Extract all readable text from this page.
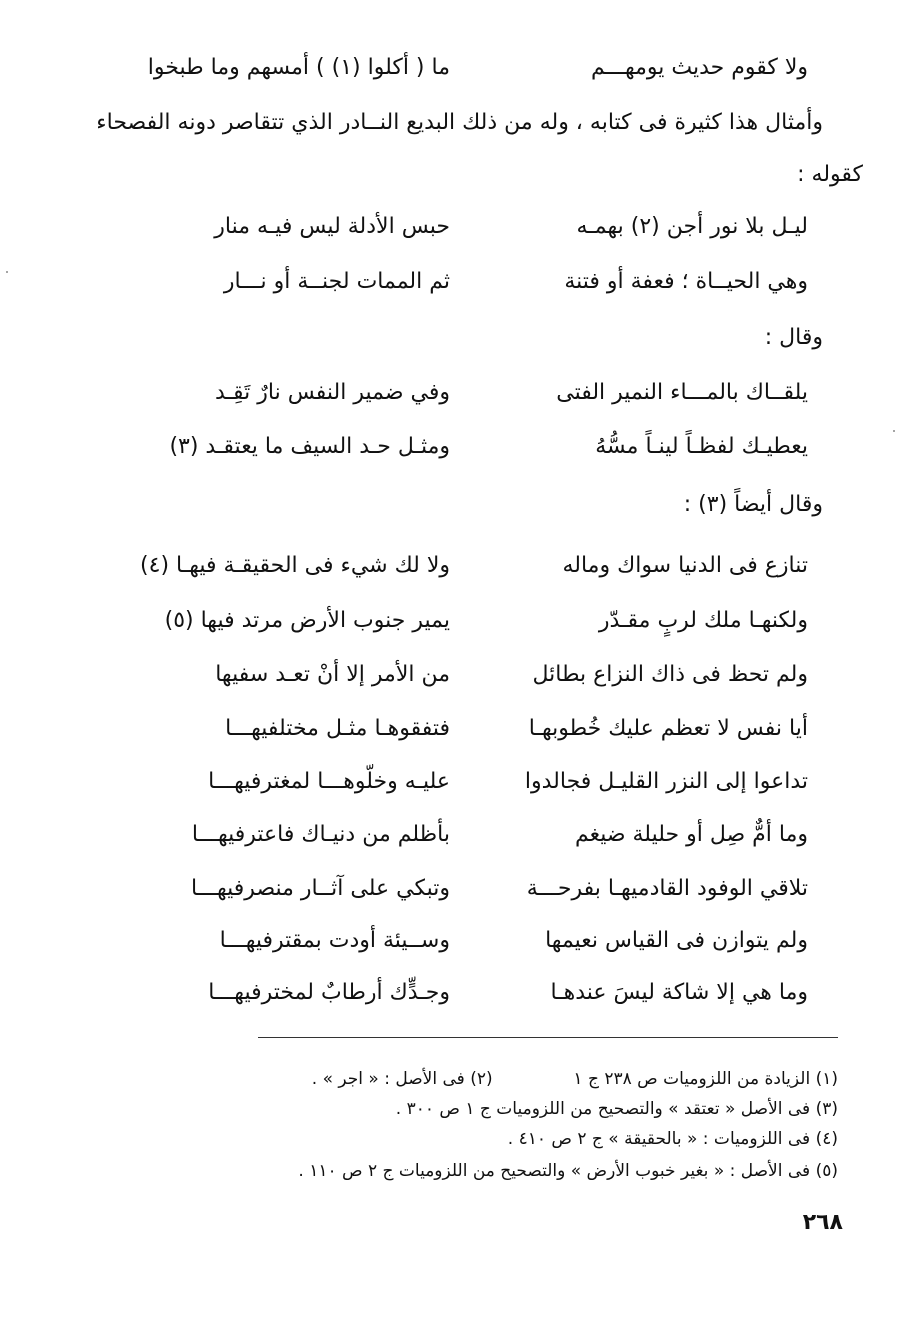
ولا كقوم حديث يومهـــم
ما ( أكلوا (١) ) أمسهم وما طبخوا
وأمثال هذا كثيرة فى كتابه ، وله من ذلك البديع النــادر الذي تتقاصر دونه الفصحاء
كقوله :
ليـل بلا نور أجن (٢) بهمـه
حبس الأدلة ليس فيـه منار
وهي الحيــاة ؛ فعفة أو فتنة
ثم الممات لجنــة أو نـــار
وقال :
يلقــاك بالمـــاء النمير الفتى
وفي ضمير النفس نارٌ تَقِـد
يعطيـك لفظـاً لينـاً مسُّهُ
ومثـل حـد السيف ما يعتقـد (٣)
وقال أيضاً (٣) :
تنازع فى الدنيا سواك وماله
ولا لك شيء فى الحقيقـة فيهـا (٤)
ولكنهـا ملك لربٍ مقـدّر
يمير جنوب الأرض مرتد فيها (٥)
ولم تحظ فى ذاك النزاع بطائل
من الأمر إلا أنْ تعـد سفيها
أيا نفس لا تعظم عليك خُطوبهـا
فتفقوهـا مثـل مختلفيهـــا
تداعوا إلى النزر القليـل فجالدوا
عليـه وخلّوهـــا لمغترفيهـــا
وما أمٌّ صِل أو حليلة ضيغم
بأظلم من دنيـاك فاعترفيهـــا
تلاقي الوفود القادميهـا بفرحـــة
وتبكي على آثــار منصرفيهـــا
ولم يتوازن فى القياس نعيمها
وســيئة أودت بمقترفيهـــا
وما هي إلا شاكة ليسَ عندهـا
وجـدٍّك أرطابٌ لمخترفيهـــا
(١) الزيادة من اللزوميات ص ٢٣٨ ج ١  (٢) فى الأصل : « اجر » .
(٣) فى الأصل « تعتقد » والتصحيح من اللزوميات ج ١ ص ٣٠٠ .
(٤) فى اللزوميات : « بالحقيقة » ج ٢ ص ٤١٠ .
(٥) فى الأصل : « بغير خبوب الأرض » والتصحيح من اللزوميات ج ٢ ص ١١٠ .
٢٦٨
